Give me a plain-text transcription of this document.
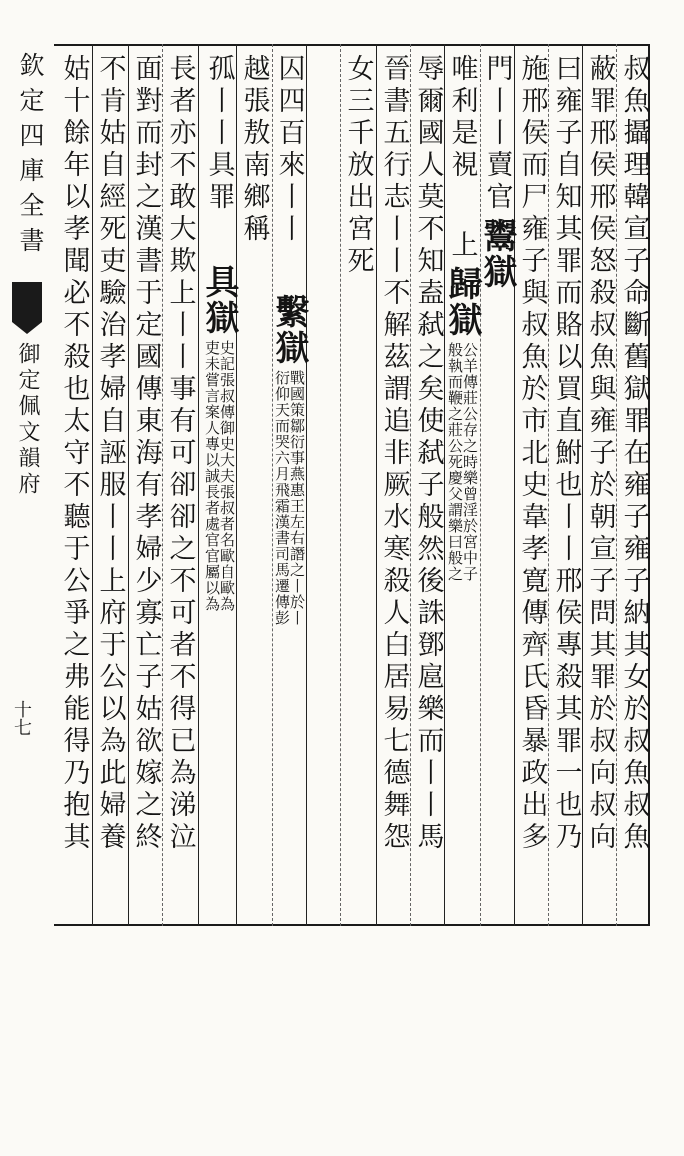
欽定四庫全書
御定佩文韻府
十七	叔魚攝理韓宣子命斷舊獄罪在雍子雍子納其女於叔魚叔魚
蔽罪邢侯邢侯怒殺叔魚與雍子於朝宣子問其罪於叔向叔向
曰雍子自知其罪而賂以買直鮒也丨丨邢侯專殺其罪一也乃
施邢侯而尸雍子與叔魚於市北史韋孝寛傳齊氏昏暴政出多
門丨丨賣官
鬻獄
唯利是視
上
歸獄
公羊傳莊公存之時樂曾淫於宮中子
般執而鞭之莊公死慶父謂樂曰般之
辱爾國人莫不知盍弑之矣使弑子般然後誅鄧扈樂而丨丨馬
晉書五行志丨丨不解茲謂追非厥水寒殺人白居易七德舞怨
女三千放出宮死
繫獄
戰國策鄒衍事燕惠王左右譖之丨於丨
衍仰天而哭六月飛霜漢書司馬遷傳彭
囚四百來丨丨
越張敖南鄉稱
具獄
史記張叔傳御史大夫張叔者名歐自歐為
吏未嘗言案人專以誠長者處官官屬以為
孤丨丨具罪
長者亦不敢大欺上丨丨事有可卻卻之不可者不得已為涕泣
面對而封之漢書于定國傳東海有孝婦少寡亡子姑欲嫁之終
不肯姑自經死吏驗治孝婦自誣服丨丨上府于公以為此婦養
姑十餘年以孝聞必不殺也太守不聽于公爭之弗能得乃抱其
